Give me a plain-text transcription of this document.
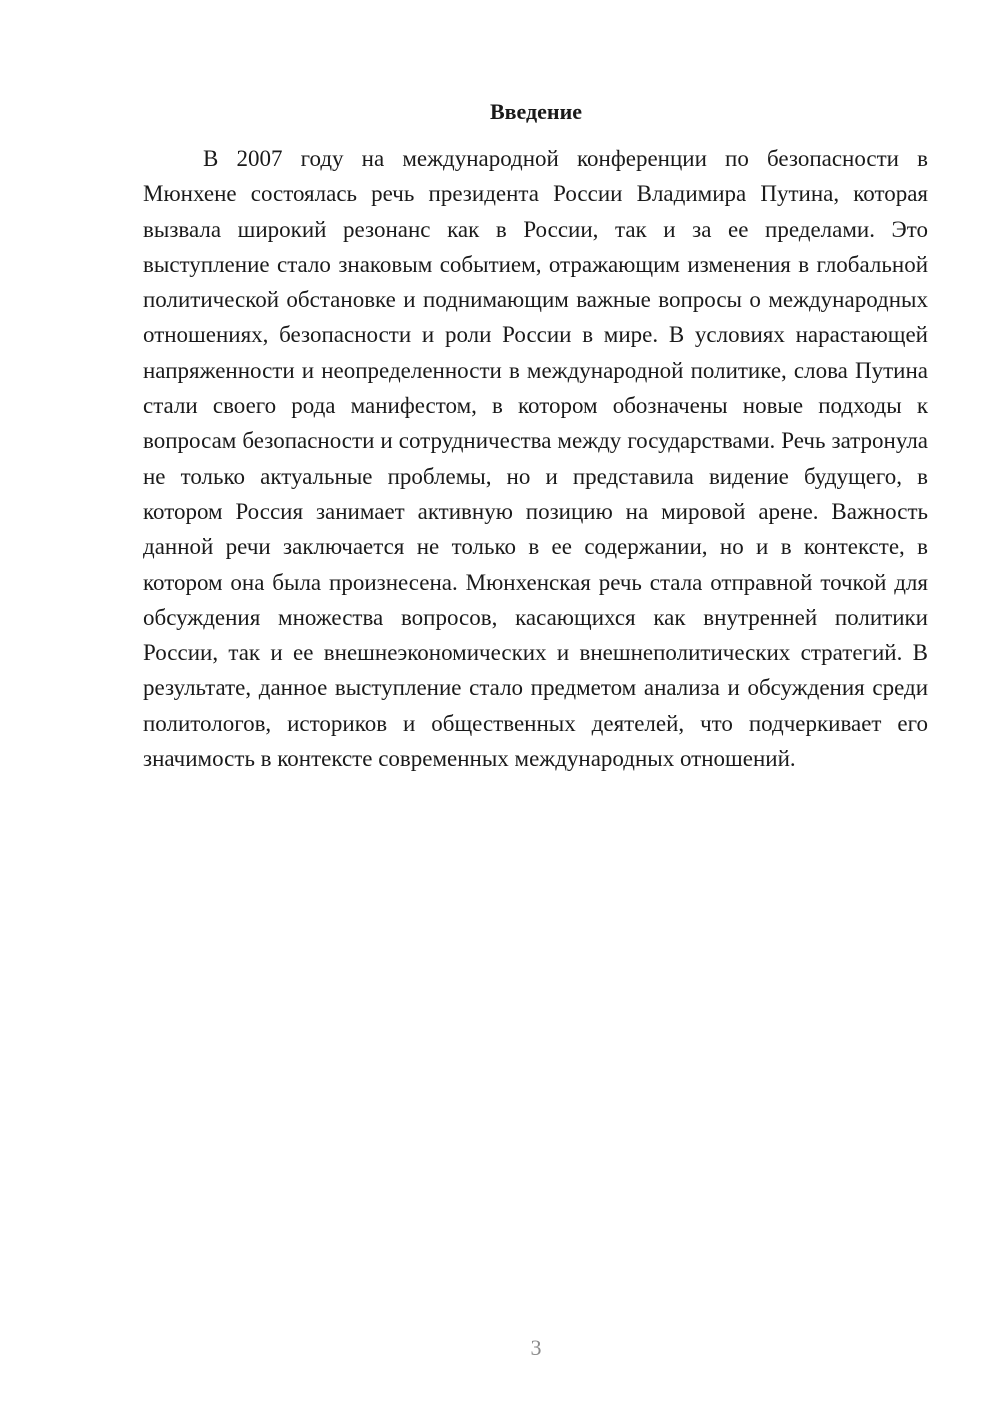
Введение

В 2007 году на международной конференции по безопасности в Мюнхене состоялась речь президента России Владимира Путина, которая вызвала широкий резонанс как в России, так и за ее пределами. Это выступление стало знаковым событием, отражающим изменения в глобальной политической обстановке и поднимающим важные вопросы о международных отношениях, безопасности и роли России в мире. В условиях нарастающей напряженности и неопределенности в международной политике, слова Путина стали своего рода манифестом, в котором обозначены новые подходы к вопросам безопасности и сотрудничества между государствами. Речь затронула не только актуальные проблемы, но и представила видение будущего, в котором Россия занимает активную позицию на мировой арене. Важность данной речи заключается не только в ее содержании, но и в контексте, в котором она была произнесена. Мюнхенская речь стала отправной точкой для обсуждения множества вопросов, касающихся как внутренней политики России, так и ее внешнеэкономических и внешнеполитических стратегий. В результате, данное выступление стало предметом анализа и обсуждения среди политологов, историков и общественных деятелей, что подчеркивает его значимость в контексте современных международных отношений.

3
